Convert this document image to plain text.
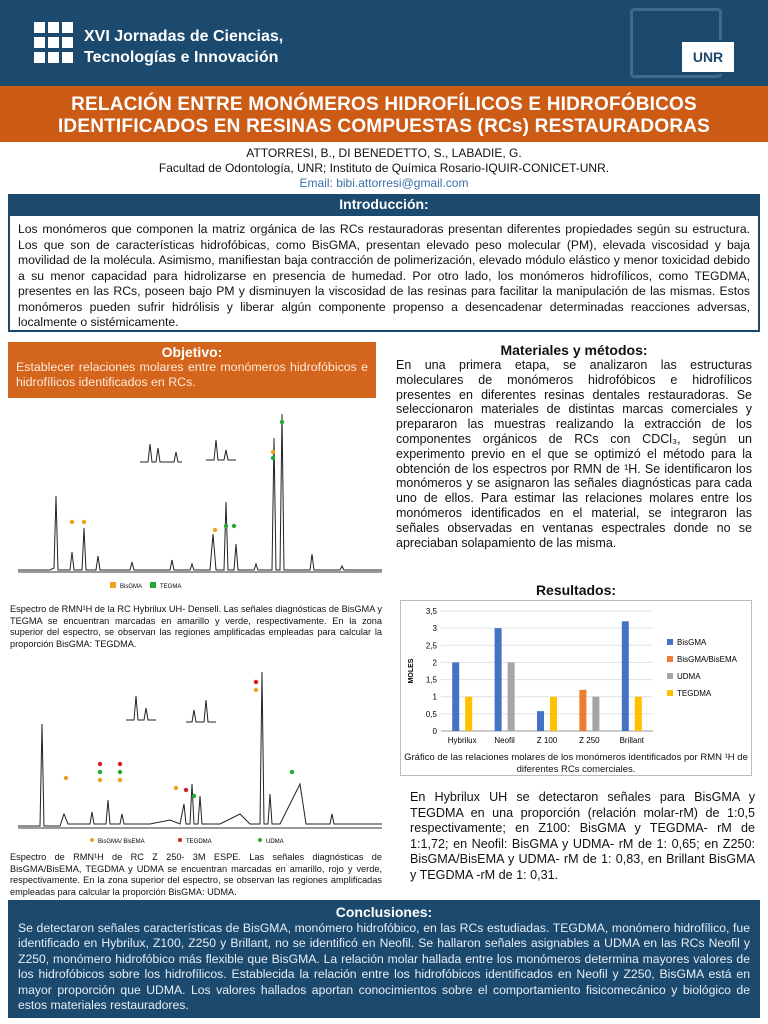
XVI Jornadas de Ciencias,
Tecnologías e Innovación	UNR
RELACIÓN ENTRE MONÓMEROS HIDROFÍLICOS E HIDROFÓBICOS
IDENTIFICADOS EN RESINAS COMPUESTAS (RCs) RESTAURADORAS
ATTORRESI, B., DI BENEDETTO, S., LABADIE, G.
Facultad de Odontología, UNR; Instituto de Química Rosario-IQUIR-CONICET-UNR.
Email: bibi.attorresi@gmail.com
Introducción:
Los monómeros que componen la matriz orgánica de las RCs restauradoras presentan diferentes propiedades según su estructura. Los que son de características hidrofóbicas, como BisGMA, presentan elevado peso molecular (PM), elevada viscosidad y baja movilidad de la molécula. Asimismo, manifiestan baja contracción de polimerización, elevado módulo elástico y menor toxicidad debido a su menor capacidad para hidrolizarse en presencia de humedad. Por otro lado, los monómeros hidrofílicos, como TEGDMA, presentes en las RCs, poseen bajo PM y disminuyen la viscosidad de las resinas para facilitar la manipulación de las mismas. Estos monómeros pueden sufrir hidrólisis y liberar algún componente propenso a desencadenar determinadas reacciones adversas, localmente o sistémicamente.
Objetivo:
Establecer relaciones molares entre monómeros hidrofóbicos e hidrofílicos identificados en RCs.
BisGMA	TEGMA
Espectro de RMN¹H de la RC Hybrilux UH- Densell. Las señales diagnósticas de BisGMA y TEGMA se encuentran marcadas en amarillo y verde, respectivamente. En la zona superior del espectro, se observan las regiones amplificadas empleadas para calcular la proporción BisGMA: TEGDMA.
BisGMA/ BisEMA	TEGDMA	UDMA
Espectro de RMN¹H de RC Z 250- 3M ESPE. Las señales diagnósticas de BisGMA/BisEMA, TEGDMA y UDMA se encuentran marcadas en amarillo, rojo y verde, respectivamente. En la zona superior del espectro, se observan las regiones amplificadas empleadas para calcular la proporción BisGMA: UDMA.
Materiales y métodos:
En una primera etapa, se analizaron las estructuras moleculares de monómeros hidrofóbicos e hidrofílicos presentes en diferentes resinas dentales restauradoras. Se seleccionaron materiales de distintas marcas comerciales y prepararon las muestras realizando la extracción de los componentes orgánicos de RCs con CDCl₃, según un experimento previo en el que se optimizó el método para la obtención de los espectros por RMN de ¹H. Se identificaron los monómeros y se asignaron las señales diagnósticas para cada uno de ellos. Para estimar las relaciones molares entre los monómeros identificados en el material, se integraron las señales observadas en ventanas espectrales donde no se apreciaban solapamiento de las misma.
Resultados:
0
0,5
1
1,5
2
2,5
3
3,5
MOLES
Hybrilux Neofil	Z 100	Z 250 Brillant
BisGMA
BisGMA/BisEMA
UDMA
TEGDMA
Gráfico de las relaciones molares de los monómeros identificados por RMN ¹H de diferentes RCs comerciales.
En Hybrilux UH se detectaron señales para BisGMA y TEGDMA en una proporción (relación molar-rM) de 1:0,5 respectivamente; en Z100: BisGMA y TEGDMA- rM de 1:1,72; en Neofil: BisGMA y UDMA- rM de 1: 0,65; en Z250: BisGMA/BisEMA y UDMA- rM de 1: 0,83, en Brillant BisGMA y TEGDMA -rM de 1: 0,31.
Conclusiones:
Se detectaron señales características de BisGMA, monómero hidrofóbico, en las RCs estudiadas. TEGDMA, monómero hidrofílico, fue identificado en Hybrilux, Z100, Z250 y Brillant, no se identificó en Neofil. Se hallaron señales asignables a UDMA en las RCs Neofil y Z250, monómero hidrofóbico más flexible que BisGMA. La relación molar hallada entre los monómeros determina mayores valores de los hidrofóbicos sobre los hidrofílicos. Establecida la relación entre los hidrofóbicos identificados en Neofil y Z250, BisGMA está en mayor proporción que UDMA. Los valores hallados aportan conocimientos sobre el comportamiento fisicomecánico y biológico de estos materiales restauradores.
